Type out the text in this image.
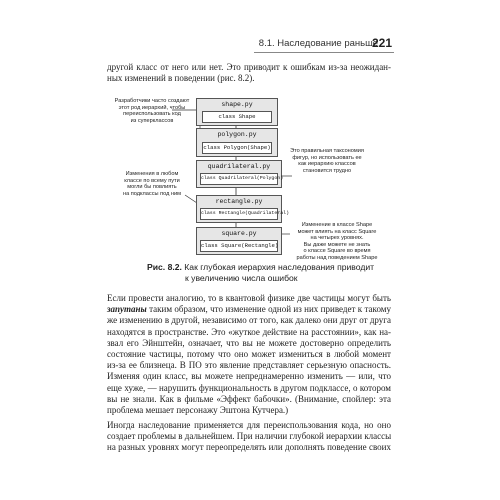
8.1. Наследование раньше
221
другой класс от него или нет. Это приводит к ошибкам из-за неожидан-
ных изменений в поведении (рис. 8.2).
shape.py
class Shape
polygon.py
class Polygon(Shape)
quadrilateral.py
class Quadrilateral(Polygon)
rectangle.py
class Rectangle(Quadrilateral)
square.py
class Square(Rectangle)
Разработчики часто создают
этот род иерархий, чтобы
переиспользовать код
из суперклассов
Это правильная таксономия
фигур, но использовать ее
как иерархию классов
становится трудно
Изменения в любом
классе по всему пути
могли бы повлиять
на подклассы под ним
Изменение в классе Shape
может влиять на класс Square
на четырех уровнях.
Вы даже можете не знать
о классе Square во время
работы над поведением Shape
Рис. 8.2. Как глубокая иерархия наследования приводит
к увеличению числа ошибок
Если провести аналогию, то в квантовой физике две частицы могут быть
запутаны таким образом, что изменение одной из них приведет к такому
же изменению в другой, независимо от того, как далеко они друг от друга
находятся в пространстве. Это «жуткое действие на расстоянии», как на-
звал его Эйнштейн, означает, что вы не можете достоверно определить
состояние частицы, потому что оно может измениться в любой момент
из-за ее близнеца. В ПО это явление представляет серьезную опасность.
Изменяя один класс, вы можете непреднамеренно изменить — или, что
еще хуже, — нарушить функциональность в другом подклассе, о котором
вы не знали. Как в фильме «Эффект бабочки». (Внимание, спойлер: эта
проблема мешает персонажу Эштона Кутчера.)
Иногда наследование применяется для переиспользования кода, но оно
создает проблемы в дальнейшем. При наличии глубокой иерархии классы
на разных уровнях могут переопределять или дополнять поведение своих
